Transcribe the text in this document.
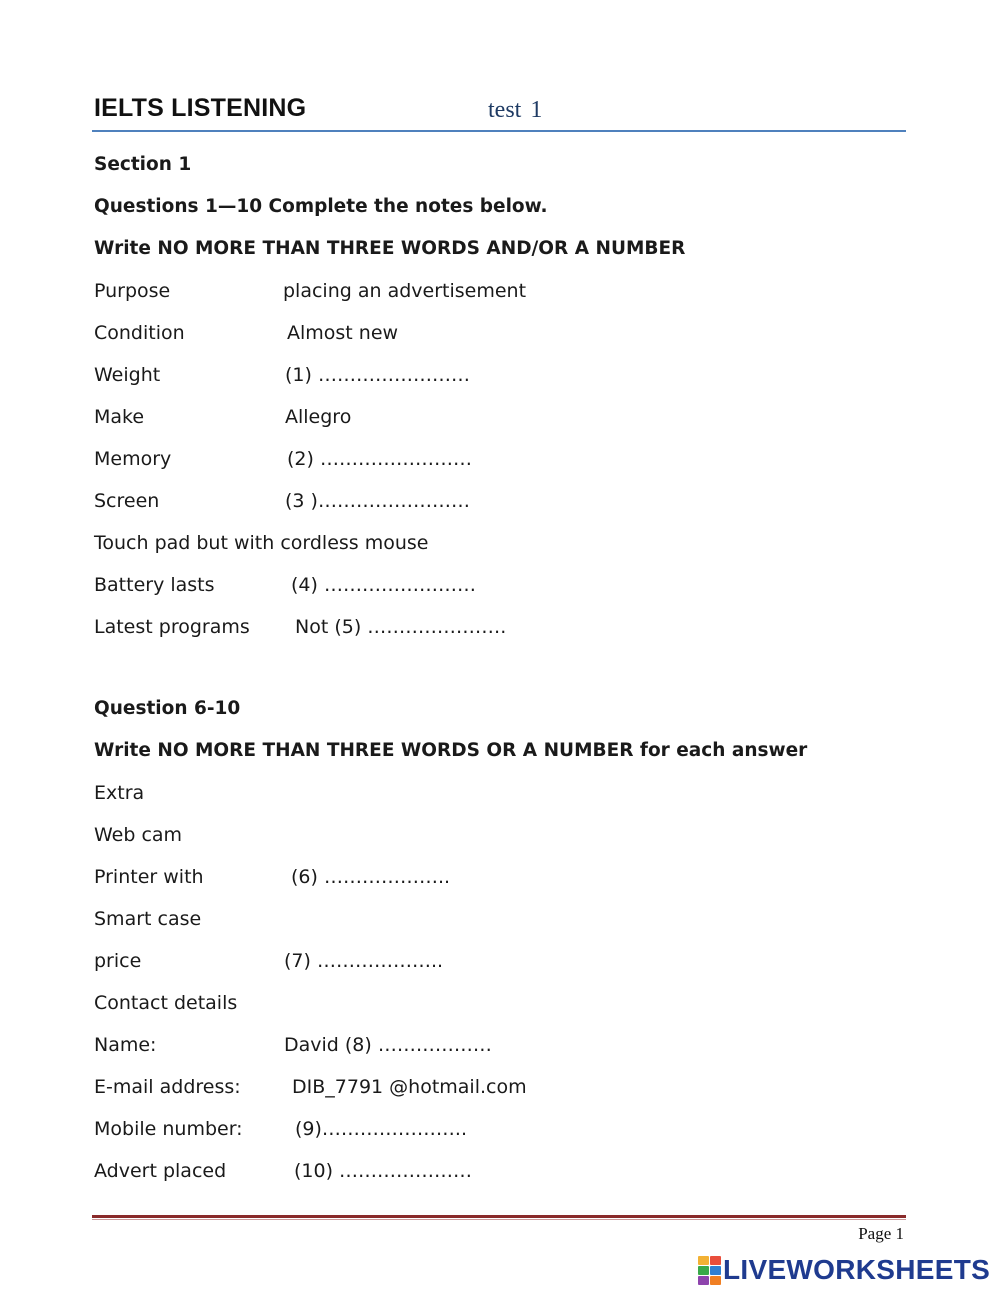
IELTS LISTENING	test 1
Section 1
Questions 1—10 Complete the notes below.
Write NO MORE THAN THREE WORDS AND/OR A NUMBER
Purpose	placing an advertisement
Condition	Almost new
Weight	(1) ……………………
Make	Allegro
Memory	(2) ……………………
Screen	(3 )……………………
Touch pad but with cordless mouse
Battery lasts	(4) ……………………
Latest programs Not (5) ………………….
Question 6-10
Write NO MORE THAN THREE WORDS OR A NUMBER for each answer
Extra
Web cam
Printer with	(6) ………………..
Smart case
price	(7) ………………..
Contact details
Name:	David (8) ………………
E-mail address:	DIB_7791 @hotmail.com
Mobile number:	(9)…………………..
Advert placed	(10) …………………
Page 1
LIVEWORKSHEETS
